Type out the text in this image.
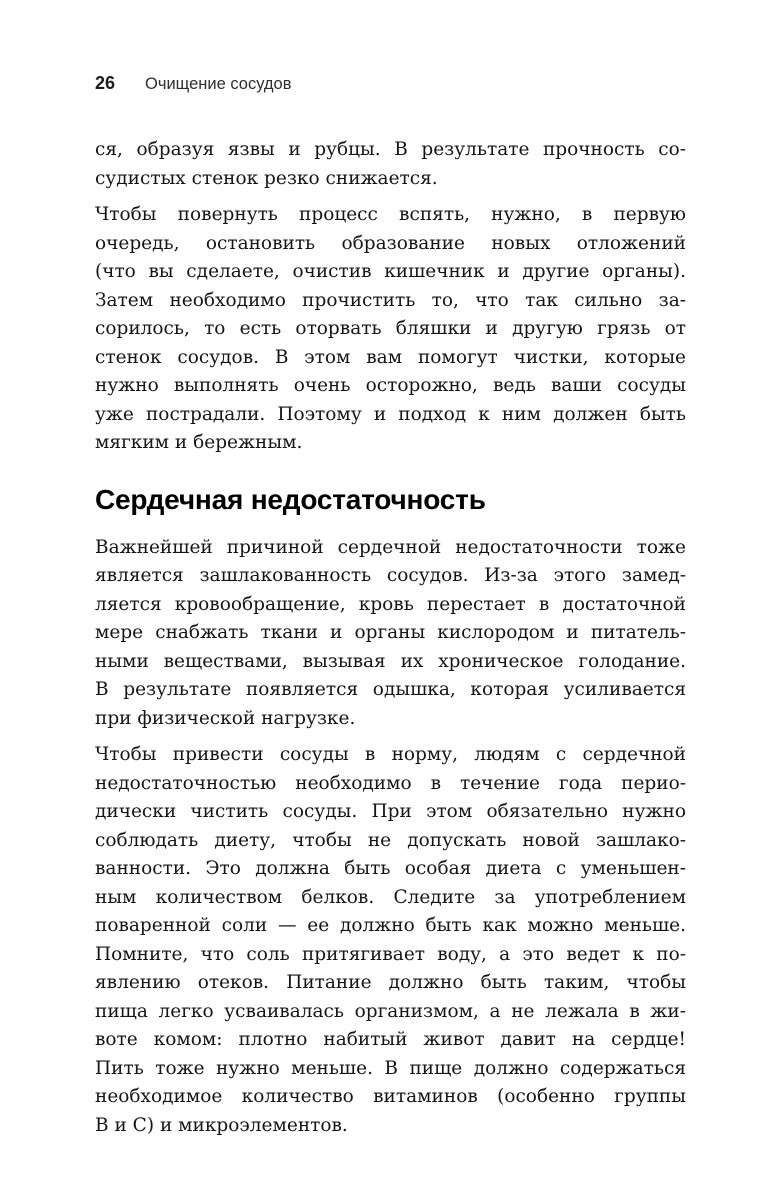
26 Очищение сосудов
ся, образуя язвы и рубцы. В результате прочность со-
судистых стенок резко снижается.
Чтобы повернуть процесс вспять, нужно, в первую
очередь, остановить образование новых отложений
(что вы сделаете, очистив кишечник и другие органы).
Затем необходимо прочистить то, что так сильно за-
сорилось, то есть оторвать бляшки и другую грязь от
стенок сосудов. В этом вам помогут чистки, которые
нужно выполнять очень осторожно, ведь ваши сосуды
уже пострадали. Поэтому и подход к ним должен быть
мягким и бережным.
Сердечная недостаточность
Важнейшей причиной сердечной недостаточности тоже
является зашлакованность сосудов. Из-за этого замед-
ляется кровообращение, кровь перестает в достаточной
мере снабжать ткани и органы кислородом и питатель-
ными веществами, вызывая их хроническое голодание.
В результате появляется одышка, которая усиливается
при физической нагрузке.
Чтобы привести сосуды в норму, людям с сердечной
недостаточностью необходимо в течение года перио-
дически чистить сосуды. При этом обязательно нужно
соблюдать диету, чтобы не допускать новой зашлако-
ванности. Это должна быть особая диета с уменьшен-
ным количеством белков. Следите за употреблением
поваренной соли — ее должно быть как можно меньше.
Помните, что соль притягивает воду, а это ведет к по-
явлению отеков. Питание должно быть таким, чтобы
пища легко усваивалась организмом, а не лежала в жи-
воте комом: плотно набитый живот давит на сердце!
Пить тоже нужно меньше. В пище должно содержаться
необходимое количество витаминов (особенно группы
B и C) и микроэлементов.
